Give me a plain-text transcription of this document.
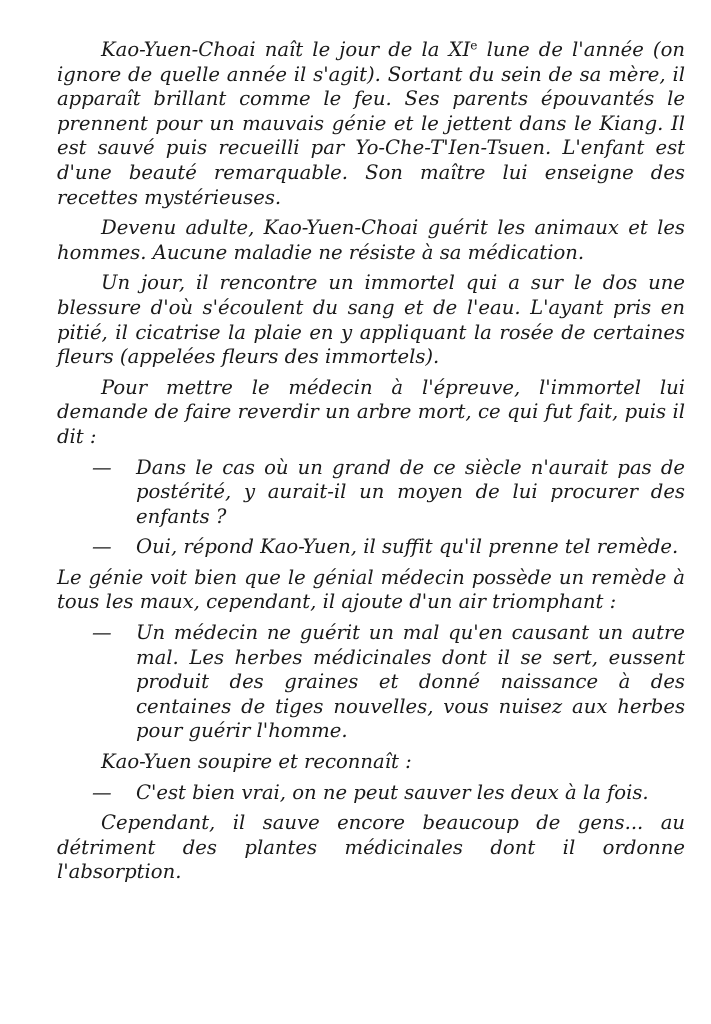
Kao-Yuen-Choai naît le jour de la XIe lune de l'année (on ignore de quelle année il s'agit). Sortant du sein de sa mère, il apparaît brillant comme le feu. Ses parents épouvantés le prennent pour un mauvais génie et le jettent dans le Kiang. Il est sauvé puis recueilli par Yo-Che-T'Ien-Tsuen. L'enfant est d'une beauté remarquable. Son maître lui enseigne des recettes mystérieuses.

Devenu adulte, Kao-Yuen-Choai guérit les animaux et les hommes. Aucune maladie ne résiste à sa médication.

Un jour, il rencontre un immortel qui a sur le dos une blessure d'où s'écoulent du sang et de l'eau. L'ayant pris en pitié, il cicatrise la plaie en y appliquant la rosée de certaines fleurs (appelées fleurs des immortels).

Pour mettre le médecin à l'épreuve, l'immortel lui demande de faire reverdir un arbre mort, ce qui fut fait, puis il dit :

— Dans le cas où un grand de ce siècle n'aurait pas de postérité, y aurait-il un moyen de lui procurer des enfants ?

— Oui, répond Kao-Yuen, il suffit qu'il prenne tel remède.

Le génie voit bien que le génial médecin possède un remède à tous les maux, cependant, il ajoute d'un air triomphant :

— Un médecin ne guérit un mal qu'en causant un autre mal. Les herbes médicinales dont il se sert, eussent produit des graines et donné naissance à des centaines de tiges nouvelles, vous nuisez aux herbes pour guérir l'homme.

Kao-Yuen soupire et reconnaît :

— C'est bien vrai, on ne peut sauver les deux à la fois.

Cependant, il sauve encore beaucoup de gens... au détriment des plantes médicinales dont il ordonne l'absorption.
